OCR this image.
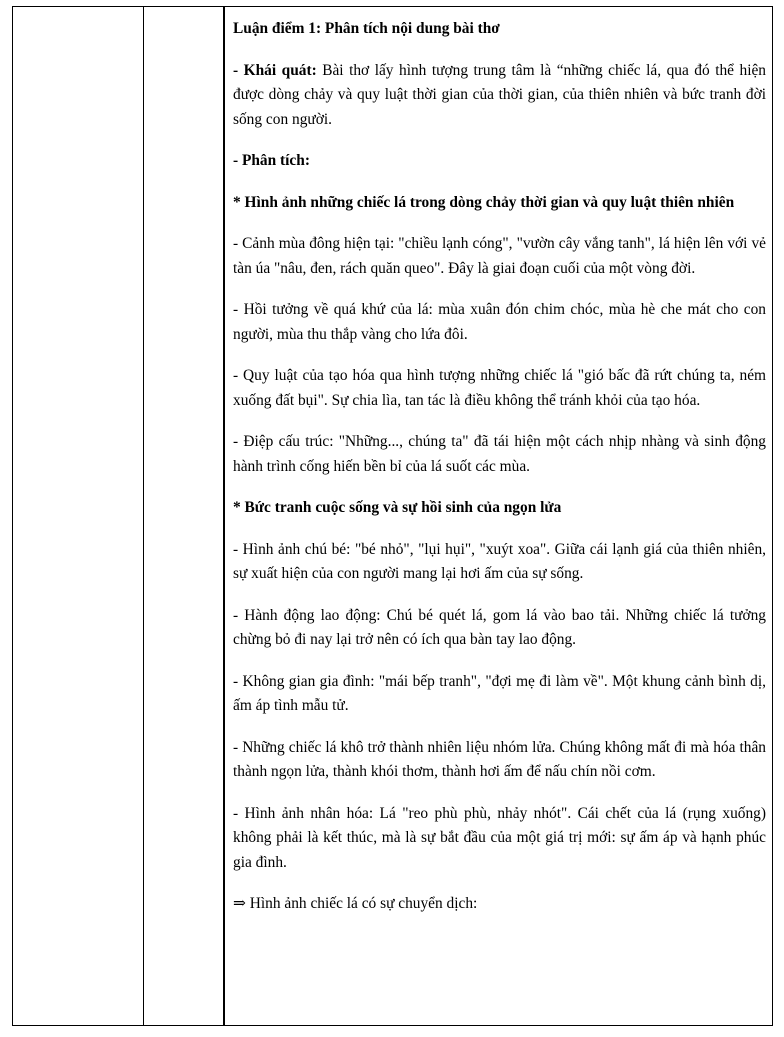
Luận điểm 1: Phân tích nội dung bài thơ

- Khái quát: Bài thơ lấy hình tượng trung tâm là “những chiếc lá, qua đó thể hiện được dòng chảy và quy luật thời gian của thời gian, của thiên nhiên và bức tranh đời sống con người.

- Phân tích:

* Hình ảnh những chiếc lá trong dòng chảy thời gian và quy luật thiên nhiên

- Cảnh mùa đông hiện tại: "chiều lạnh cóng", "vườn cây vắng tanh", lá hiện lên với vẻ tàn úa "nâu, đen, rách quăn queo". Đây là giai đoạn cuối của một vòng đời.

- Hồi tưởng về quá khứ của lá: mùa xuân đón chim chóc, mùa hè che mát cho con người, mùa thu thắp vàng cho lứa đôi.

- Quy luật của tạo hóa qua hình tượng những chiếc lá "gió bấc đã rứt chúng ta, ném xuống đất bụi". Sự chia lìa, tan tác là điều không thể tránh khỏi của tạo hóa.

- Điệp cấu trúc: "Những..., chúng ta" đã tái hiện một cách nhịp nhàng và sinh động hành trình cống hiến bền bỉ của lá suốt các mùa.

* Bức tranh cuộc sống và sự hồi sinh của ngọn lửa

- Hình ảnh chú bé: "bé nhỏ", "lụi hụi", "xuýt xoa". Giữa cái lạnh giá của thiên nhiên, sự xuất hiện của con người mang lại hơi ấm của sự sống.

- Hành động lao động: Chú bé quét lá, gom lá vào bao tải. Những chiếc lá tưởng chừng bỏ đi nay lại trở nên có ích qua bàn tay lao động.

- Không gian gia đình: "mái bếp tranh", "đợi mẹ đi làm về". Một khung cảnh bình dị, ấm áp tình mẫu tử.

- Những chiếc lá khô trở thành nhiên liệu nhóm lửa. Chúng không mất đi mà hóa thân thành ngọn lửa, thành khói thơm, thành hơi ấm để nấu chín nồi cơm.

- Hình ảnh nhân hóa: Lá "reo phù phù, nhảy nhót". Cái chết của lá (rụng xuống) không phải là kết thúc, mà là sự bắt đầu của một giá trị mới: sự ấm áp và hạnh phúc gia đình.

⇒ Hình ảnh chiếc lá có sự chuyển dịch:
